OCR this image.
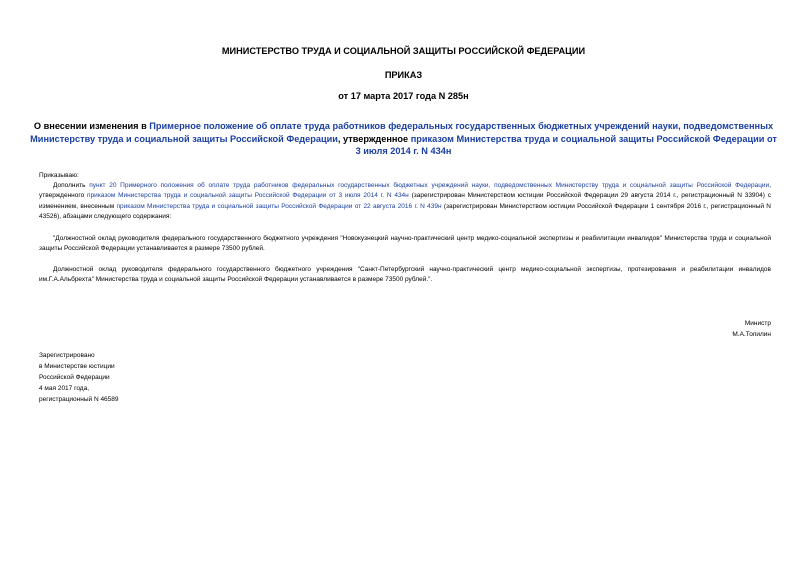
МИНИСТЕРСТВО ТРУДА И СОЦИАЛЬНОЙ ЗАЩИТЫ РОССИЙСКОЙ ФЕДЕРАЦИИ
ПРИКАЗ
от 17 марта 2017 года N 285н
О внесении изменения в Примерное положение об оплате труда работников федеральных государственных бюджетных учреждений науки, подведомственных Министерству труда и социальной защиты Российской Федерации, утвержденное приказом Министерства труда и социальной защиты Российской Федерации от 3 июля 2014 г. N 434н
Приказываю:
Дополнить пункт 20 Примерного положения об оплате труда работников федеральных государственных бюджетных учреждений науки, подведомственных Министерству труда и социальной защиты Российской Федерации, утвержденного приказом Министерства труда и социальной защиты Российской Федерации от 3 июля 2014 г. N 434н (зарегистрирован Министерством юстиции Российской Федерации 29 августа 2014 г., регистрационный N 33904) с изменением, внесенным приказом Министерства труда и социальной защиты Российской Федерации от 22 августа 2016 г. N 439н (зарегистрирован Министерством юстиции Российской Федерации 1 сентября 2016 г., регистрационный N 43526), абзацами следующего содержания:
"Должностной оклад руководителя федерального государственного бюджетного учреждения "Новокузнецкий научно-практический центр медико-социальной экспертизы и реабилитации инвалидов" Министерства труда и социальной защиты Российской Федерации устанавливается в размере 73500 рублей.
Должностной оклад руководителя федерального государственного бюджетного учреждения "Санкт-Петербургский научно-практический центр медико-социальной экспертизы, протезирования и реабилитации инвалидов им.Г.А.Альбрехта" Министерства труда и социальной защиты Российской Федерации устанавливается в размере 73500 рублей.".
Министр
М.А.Топилин
Зарегистрировано
в Министерстве юстиции
Российской Федерации
4 мая 2017 года,
регистрационный N 46589
